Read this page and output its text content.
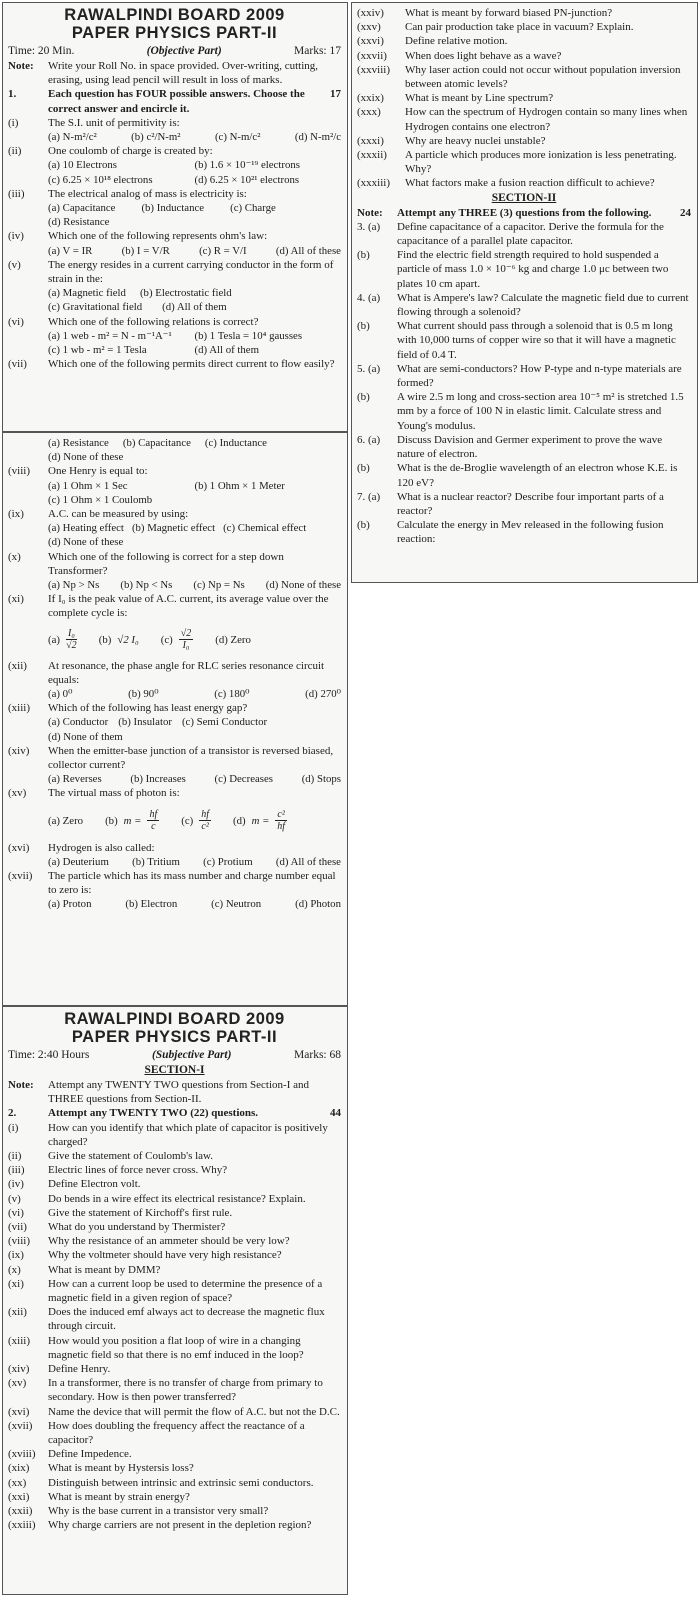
RAWALPINDI BOARD 2009
PAPER PHYSICS PART-II
Time: 20 Min.	(Objective Part)	Marks: 17
Note:	Write your Roll No. in space provided. Over-writing, cutting, erasing, using lead pencil will result in loss of marks.
1.	Each question has FOUR possible answers. Choose the correct answer and encircle it.
17
(i)	The S.I. unit of permitivity is:
(a) N-m²/c²	(b) c²/N-m²	(c) N-m/c²	(d) N-m²/c
(ii)	One coulomb of charge is created by:
(a) 10 Electrons	(b) 1.6 × 10⁻¹⁹ electrons
(c) 6.25 × 10¹⁸ electrons	(d) 6.25 × 10²¹ electrons
(iii)	The electrical analog of mass is electricity is:
(a) Capacitance (b) Inductance (c) Charge
(d) Resistance
(iv)	Which one of the following represents ohm's law:
(a) V = IR	(b) I = V/R	(c) R = V/I	(d) All of these
(v)	The energy resides in a current carrying conductor in the form of strain in the:
(a) Magnetic field (b) Electrostatic field
(c) Gravitational field (d) All of them
(vi)	Which one of the following relations is correct?
(a) 1 web - m² = N - m⁻¹A⁻¹	(b) 1 Tesla = 10⁴ gausses
(c) 1 wb - m² = 1 Tesla	(d) All of them
(vii)	Which one of the following permits direct current to flow easily?
(a) Resistance (b) Capacitance (c) Inductance
(d) None of these
(viii)	One Henry is equal to:
(a) 1 Ohm × 1 Sec	(b) 1 Ohm × 1 Meter
(c) 1 Ohm × 1 Coulomb
(ix)	A.C. can be measured by using:
(a) Heating effect (b) Magnetic effect (c) Chemical effect
(d) None of these
(x)	Which one of the following is correct for a step down Transformer?
(a) Np > Ns (b) Np < Ns (c) Np = Ns (d) None of these
(xi)	If I₀ is the peak value of A.C. current, its average value over the complete cycle is:
$(a) \frac{\text{I₀}}{√2} (b)$ √2 I₀ $(c) \frac{√2}{\text{I₀}} (d)$ Zero
(xii)	At resonance, the phase angle for RLC series resonance circuit equals:
(a) 0⁰	(b) 90⁰	(c) 180⁰	(d) 270⁰
(xiii)	Which of the following has least energy gap?
(a) Conductor (b) Insulator (c) Semi Conductor
(d) None of them
(xiv)	When the emitter-base junction of a transistor is reversed biased, collector current?
(a) Reverses	(b) Increases	(c) Decreases	(d) Stops
(xv)	The virtual mass of photon is:
(a) Zero (b) $m = \frac{hf}{c} (c) \frac{hf}{\text{c²}} (d) m = \frac{\text{c²}}{hf}$
(xvi)	Hydrogen is also called:
(a) Deuterium (b) Tritium (c) Protium (d) All of these
(xvii)	The particle which has its mass number and charge number equal to zero is:
(a) Proton	(b) Electron	(c) Neutron	(d) Photon
RAWALPINDI BOARD 2009
PAPER PHYSICS PART-II
Time: 2:40 Hours	(Subjective Part)	Marks: 68
SECTION-I
Note:	Attempt any TWENTY TWO questions from Section-I and THREE questions from Section-II.
2.	Attempt any TWENTY TWO (22) questions.	44
(i)	How can you identify that which plate of capacitor is positively charged?
(ii)	Give the statement of Coulomb's law.
(iii)	Electric lines of force never cross. Why?
(iv)	Define Electron volt.
(v)	Do bends in a wire effect its electrical resistance? Explain.
(vi)	Give the statement of Kirchoff's first rule.
(vii)	What do you understand by Thermister?
(viii)	Why the resistance of an ammeter should be very low?
(ix)	Why the voltmeter should have very high resistance?
(x)	What is meant by DMM?
(xi)	How can a current loop be used to determine the presence of a magnetic field in a given region of space?
(xii)	Does the induced emf always act to decrease the magnetic flux through circuit.
(xiii)	How would you position a flat loop of wire in a changing magnetic field so that there is no emf induced in the loop?
(xiv)	Define Henry.
(xv)	In a transformer, there is no transfer of charge from primary to secondary. How is then power transferred?
(xvi)	Name the device that will permit the flow of A.C. but not the D.C.
(xvii)	How does doubling the frequency affect the reactance of a capacitor?
(xviii)	Define Impedence.
(xix)	What is meant by Hystersis loss?
(xx)	Distinguish between intrinsic and extrinsic semi conductors.
(xxi)	What is meant by strain energy?
(xxii)	Why is the base current in a transistor very small?
(xxiii)	Why charge carriers are not present in the depletion region?
(xxiv)	What is meant by forward biased PN-junction?
(xxv)	Can pair production take place in vacuum? Explain.
(xxvi)	Define relative motion.
(xxvii)	When does light behave as a wave?
(xxviii)	Why laser action could not occur without population inversion between atomic levels?
(xxix)	What is meant by Line spectrum?
(xxx)	How can the spectrum of Hydrogen contain so many lines when Hydrogen contains one electron?
(xxxi)	Why are heavy nuclei unstable?
(xxxii)	A particle which produces more ionization is less penetrating. Why?
(xxxiii)	What factors make a fusion reaction difficult to achieve?
SECTION-II
Note:	Attempt any THREE (3) questions from the following.	24
3. (a)	Define capacitance of a capacitor. Derive the formula for the capacitance of a parallel plate capacitor.
(b)	Find the electric field strength required to hold suspended a particle of mass 1.0 × 10⁻⁶ kg and charge 1.0 μc between two plates 10 cm apart.
4. (a)	What is Ampere's law? Calculate the magnetic field due to current flowing through a solenoid?
(b)	What current should pass through a solenoid that is 0.5 m long with 10,000 turns of copper wire so that it will have a magnetic field of 0.4 T.
5. (a)	What are semi-conductors? How P-type and n-type materials are formed?
(b)	A wire 2.5 m long and cross-section area 10⁻⁵ m² is stretched 1.5 mm by a force of 100 N in elastic limit. Calculate stress and Young's modulus.
6. (a)	Discuss Davision and Germer experiment to prove the wave nature of electron.
(b)	What is the de-Broglie wavelength of an electron whose K.E. is 120 eV?
7. (a)	What is a nuclear reactor? Describe four important parts of a reactor?
(b)	Calculate the energy in Mev released in the following fusion reaction:
